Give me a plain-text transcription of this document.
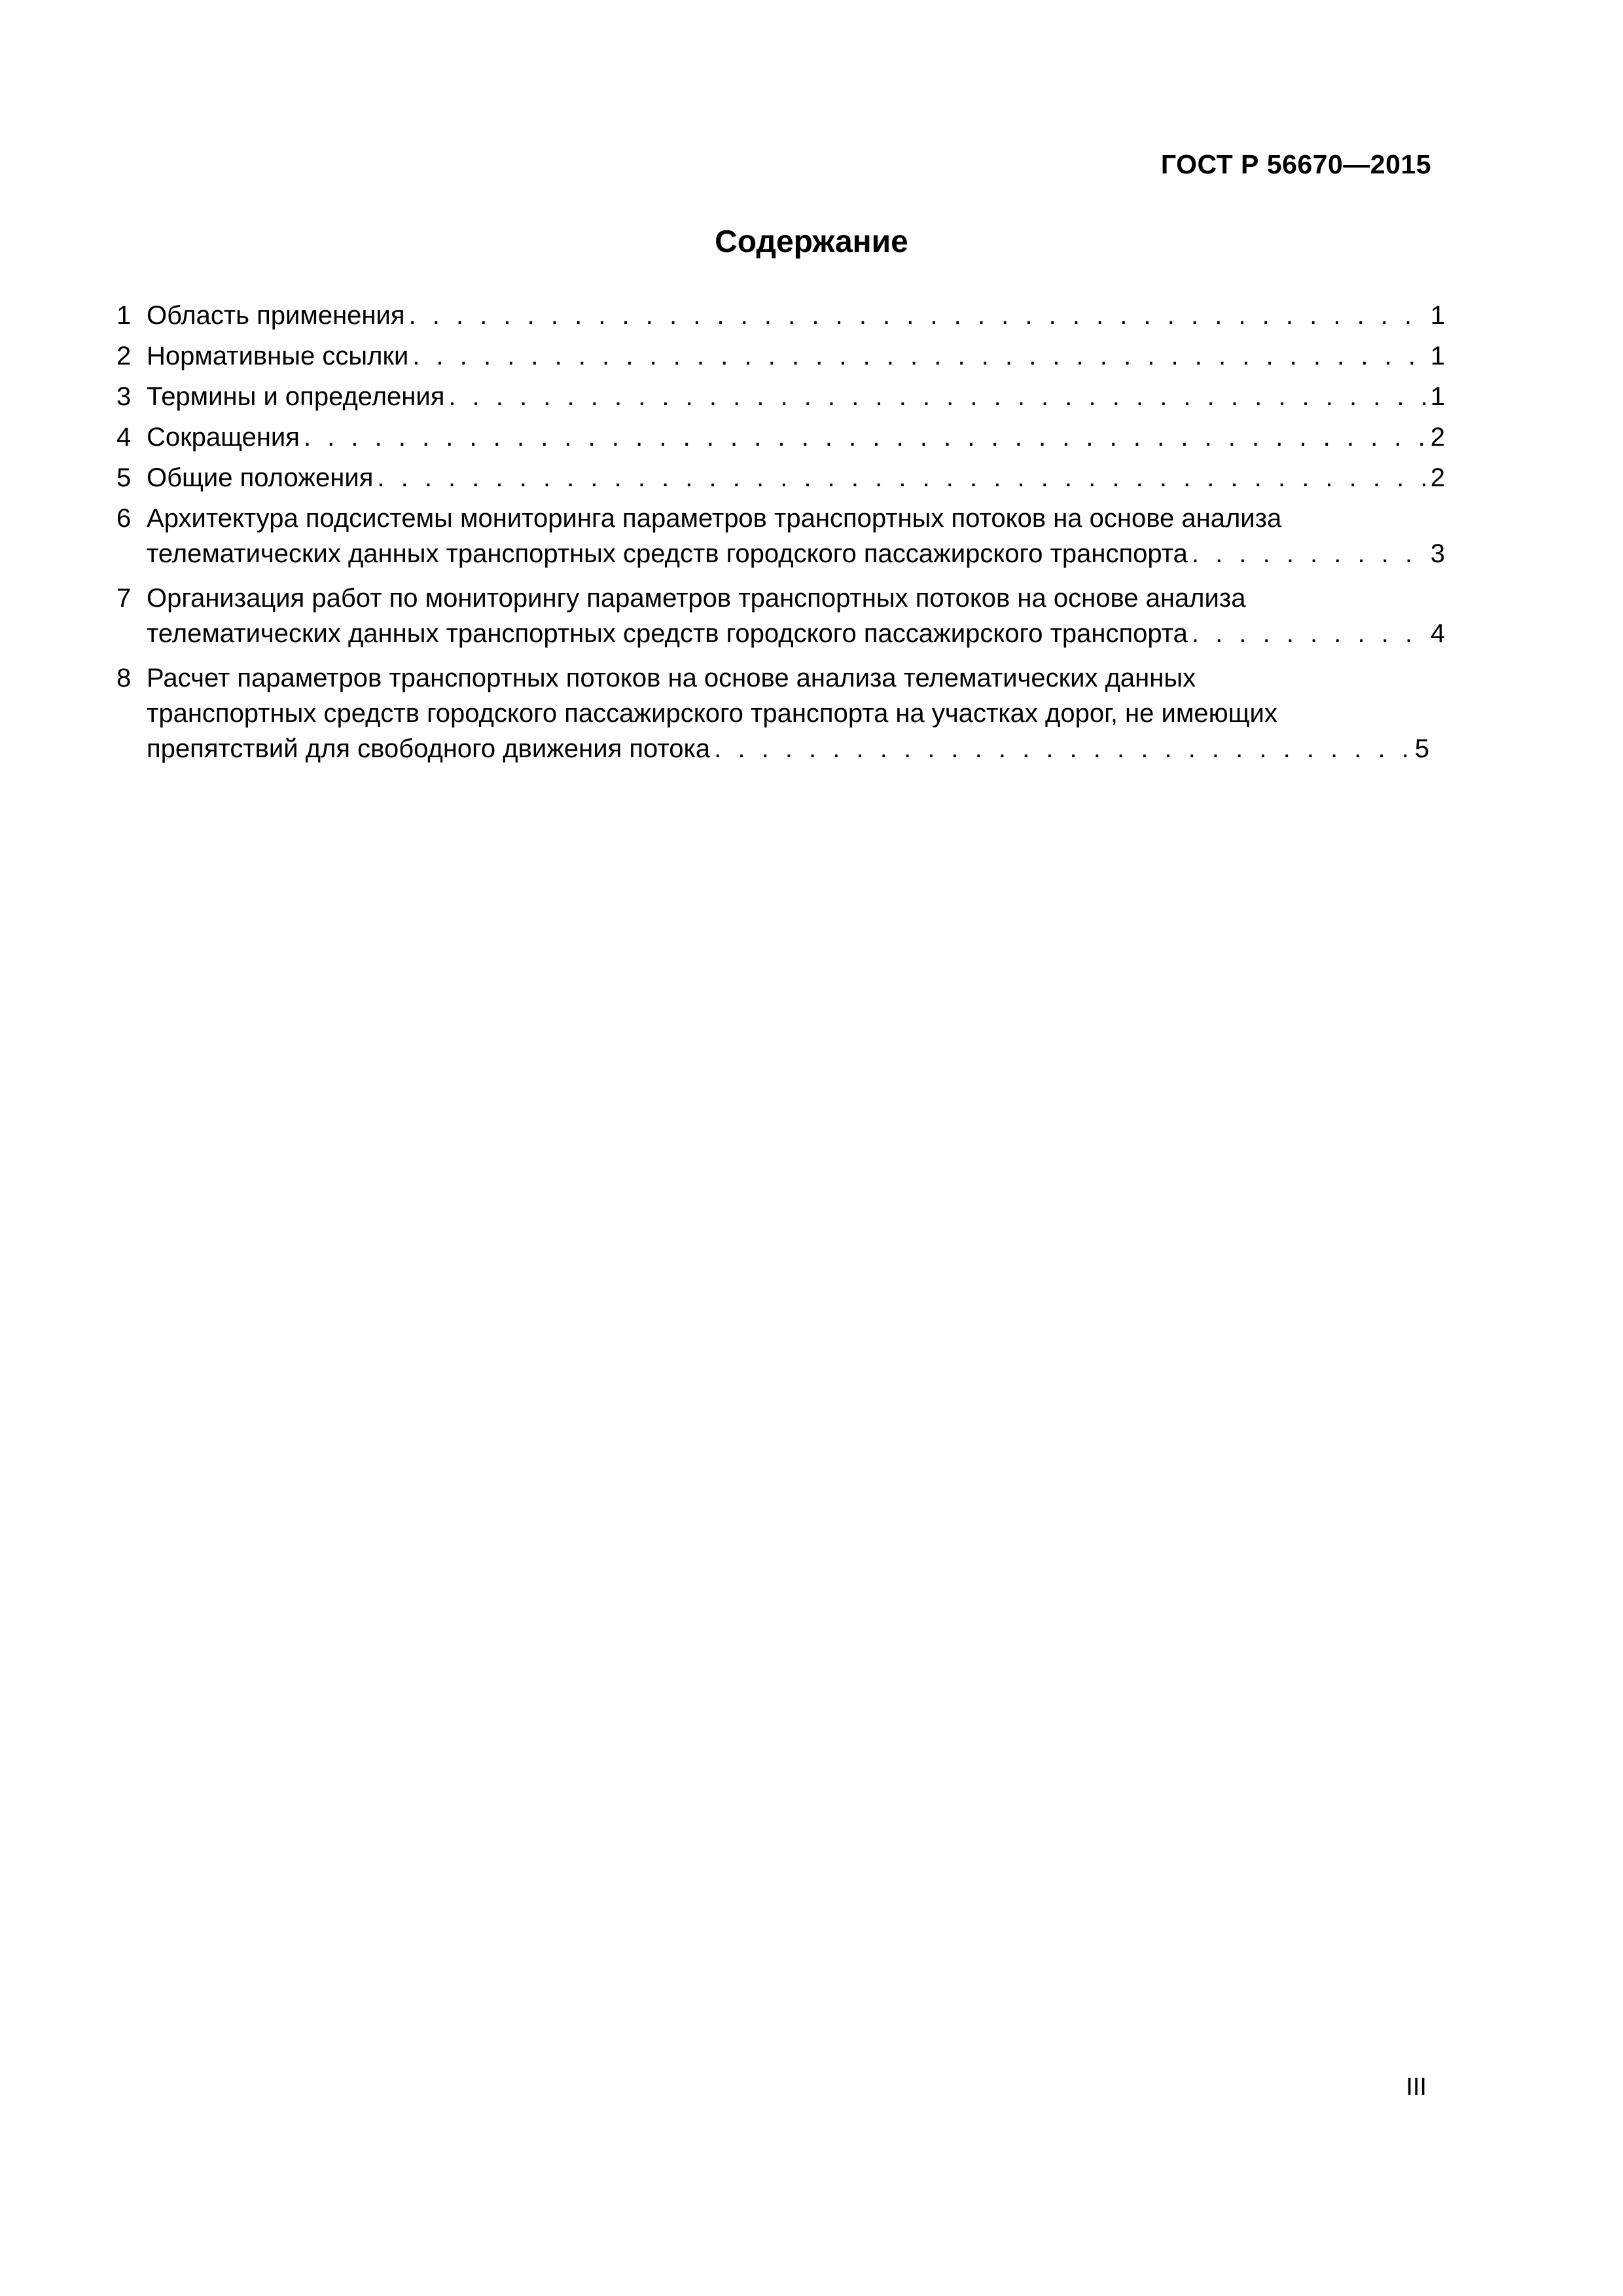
ГОСТ Р 56670—2015
Содержание
1 Область применения . . .	1
2 Нормативные ссылки . . .	1
3 Термины и определения . . .	1
4 Сокращения . . .	2
5 Общие положения . . .	2
6 Архитектура подсистемы мониторинга параметров транспортных потоков на основе анализа
телематических данных транспортных средств городского пассажирского транспорта . . .	3
7 Организация работ по мониторингу параметров транспортных потоков на основе анализа
телематических данных транспортных средств городского пассажирского транспорта . . .	4
8 Расчет параметров транспортных потоков на основе анализа телематических данных
транспортных средств городского пассажирского транспорта на участках дорог, не имеющих
препятствий для свободного движения потока . . .	5
III
